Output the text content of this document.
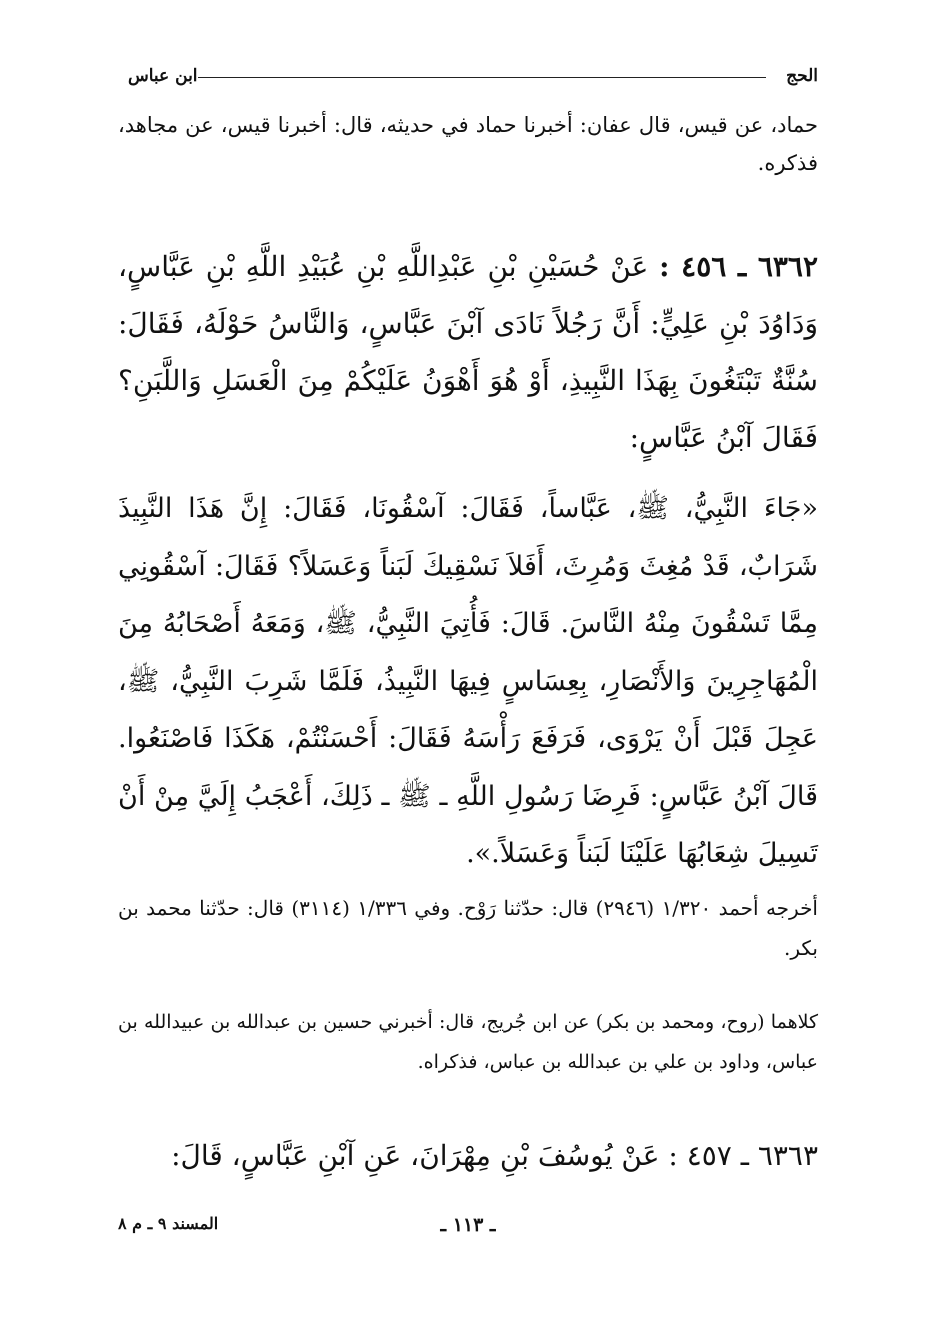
الحج
ابن عباس

حماد، عن قيس، قال عفان: أخبرنا حماد في حديثه، قال: أخبرنا قيس، عن مجاهد، فذكره.

٦٣٦٢ ـ ٤٥٦ : عَنْ حُسَيْنِ بْنِ عَبْدِاللَّهِ بْنِ عُبَيْدِ اللَّهِ بْنِ عَبَّاسٍ، وَدَاوُدَ بْنِ عَلِيٍّ: أَنَّ رَجُلاً نَادَى آبْنَ عَبَّاسٍ، وَالنَّاسُ حَوْلَهُ، فَقَالَ: سُنَّةٌ تَبْتَغُونَ بِهَذَا النَّبِيذِ، أَوْ هُوَ أَهْوَنُ عَلَيْكُمْ مِنَ الْعَسَلِ وَاللَّبَنِ؟ فَقَالَ آبْنُ عَبَّاسٍ:

«جَاءَ النَّبِيُّ، ﷺ، عَبَّاساً، فَقَالَ: آسْقُونَا، فَقَالَ: إِنَّ هَذَا النَّبِيذَ شَرَابٌ، قَدْ مُغِثَ وَمُرِثَ، أَفَلاَ نَسْقِيكَ لَبَناً وَعَسَلاً؟ فَقَالَ: آسْقُونِي مِمَّا تَسْقُونَ مِنْهُ النَّاسَ. قَالَ: فَأُتِيَ النَّبِيُّ، ﷺ، وَمَعَهُ أَصْحَابُهُ مِنَ الْمُهَاجِرِينَ وَالأَنْصَارِ، بِعِسَاسٍ فِيهَا النَّبِيذُ، فَلَمَّا شَرِبَ النَّبِيُّ، ﷺ، عَجِلَ قَبْلَ أَنْ يَرْوَى، فَرَفَعَ رَأْسَهُ فَقَالَ: أَحْسَنْتُمْ، هَكَذَا فَاصْنَعُوا. قَالَ آبْنُ عَبَّاسٍ: فَرِضَا رَسُولِ اللَّهِ ـ ﷺ ـ ذَلِكَ، أَعْجَبُ إِلَيَّ مِنْ أَنْ تَسِيلَ شِعَابُهَا عَلَيْنَا لَبَناً وَعَسَلاً.».

أخرجه أحمد ١/٣٢٠ (٢٩٤٦) قال: حدّثنا رَوْح. وفي ١/٣٣٦ (٣١١٤) قال: حدّثنا محمد بن بكر.

كلاهما (روح، ومحمد بن بكر) عن ابن جُريج، قال: أخبرني حسين بن عبدالله بن عبيدالله بن عباس، وداود بن علي بن عبدالله بن عباس، فذكراه.

٦٣٦٣ ـ ٤٥٧ : عَنْ يُوسُفَ بْنِ مِهْرَانَ، عَنِ آبْنِ عَبَّاسٍ، قَالَ:

ـ ١١٣ ـ
المسند ٩ ـ م ٨
